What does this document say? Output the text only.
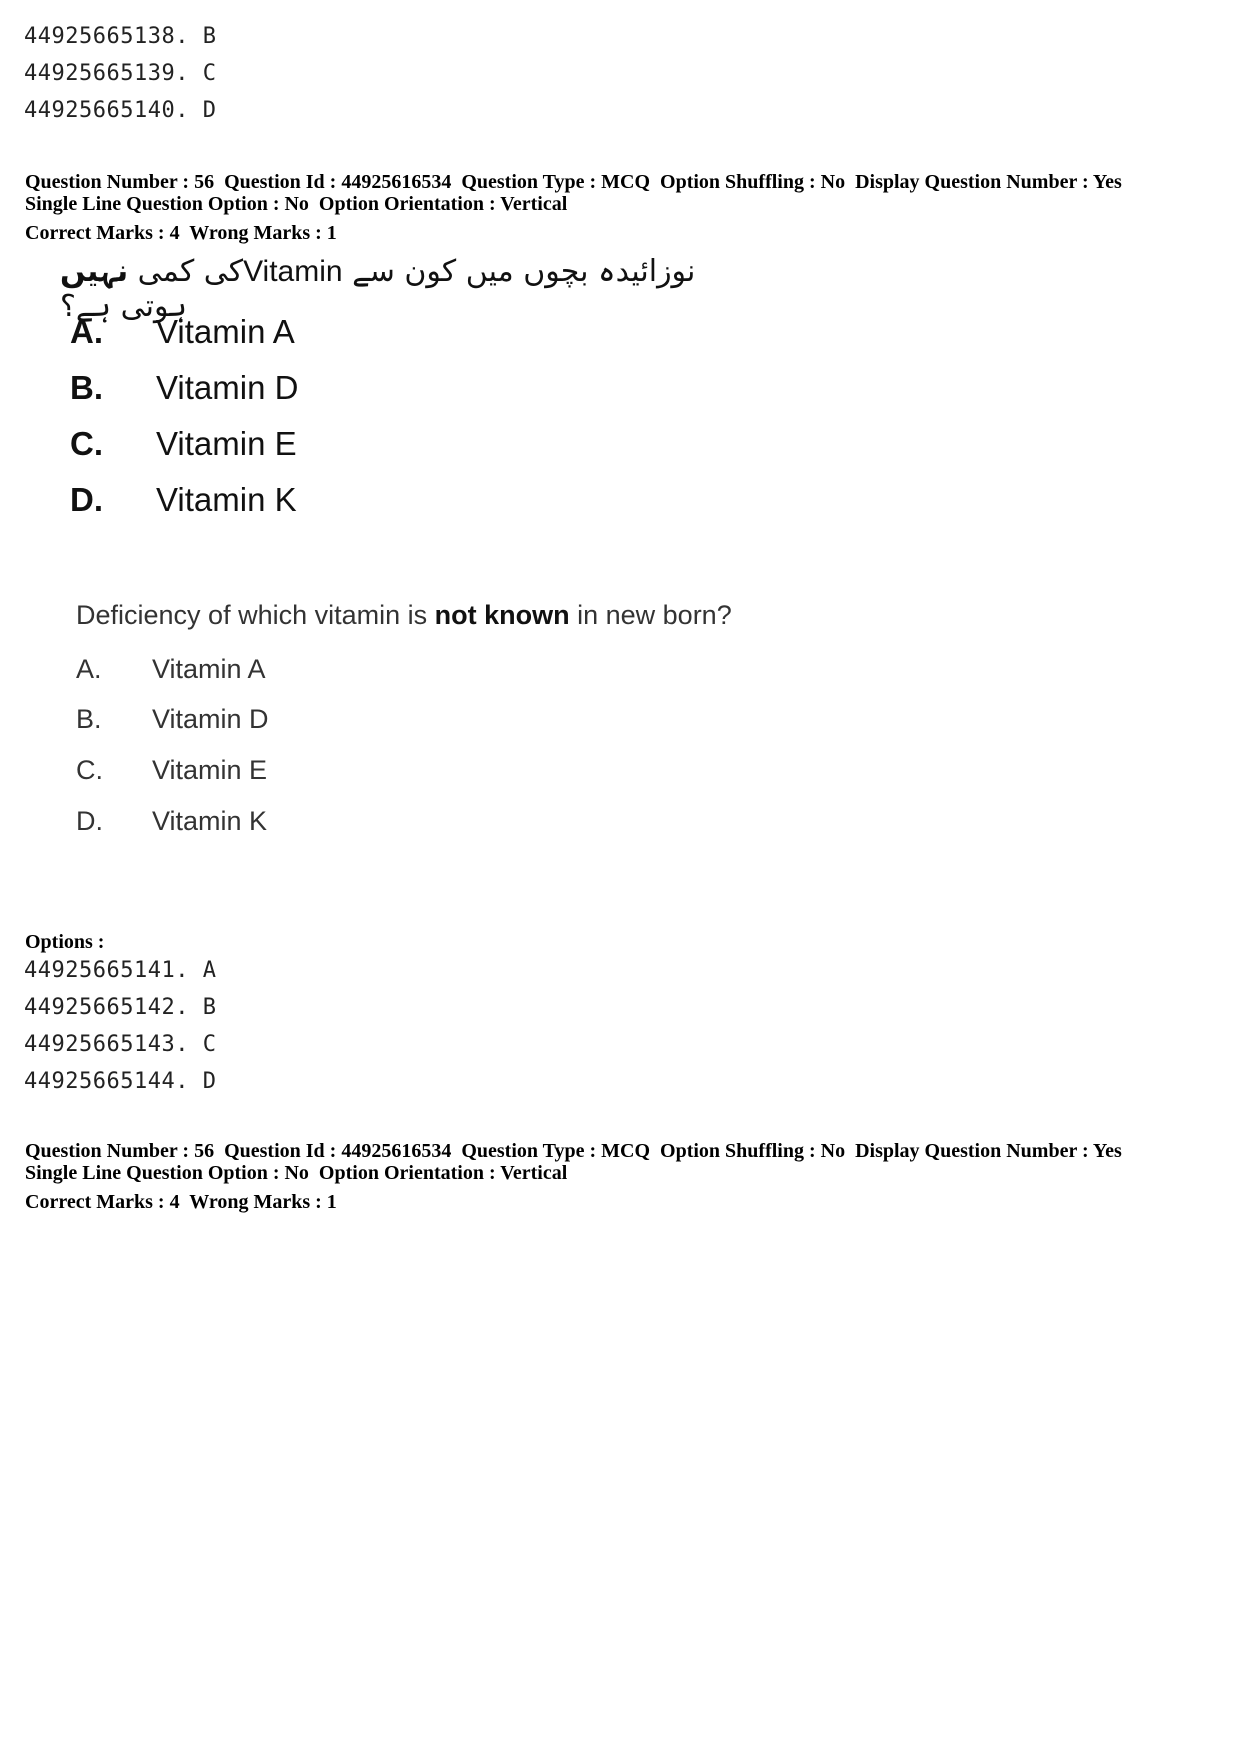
44925665138. B
44925665139. C
44925665140. D
Question Number : 56  Question Id : 44925616534  Question Type : MCQ  Option Shuffling : No  Display Question Number : Yes
Single Line Question Option : No  Option Orientation : Vertical
Correct Marks : 4  Wrong Marks : 1
نوزائیدہ بچوں میں کون سے Vitaminکی کمی نہیں ہوتی ہے؟
A. Vitamin A
B. Vitamin D
C. Vitamin E
D. Vitamin K
Deficiency of which vitamin is not known in new born?
A. Vitamin A
B. Vitamin D
C. Vitamin E
D. Vitamin K
Options :
44925665141. A
44925665142. B
44925665143. C
44925665144. D
Question Number : 56  Question Id : 44925616534  Question Type : MCQ  Option Shuffling : No  Display Question Number : Yes
Single Line Question Option : No  Option Orientation : Vertical
Correct Marks : 4  Wrong Marks : 1
